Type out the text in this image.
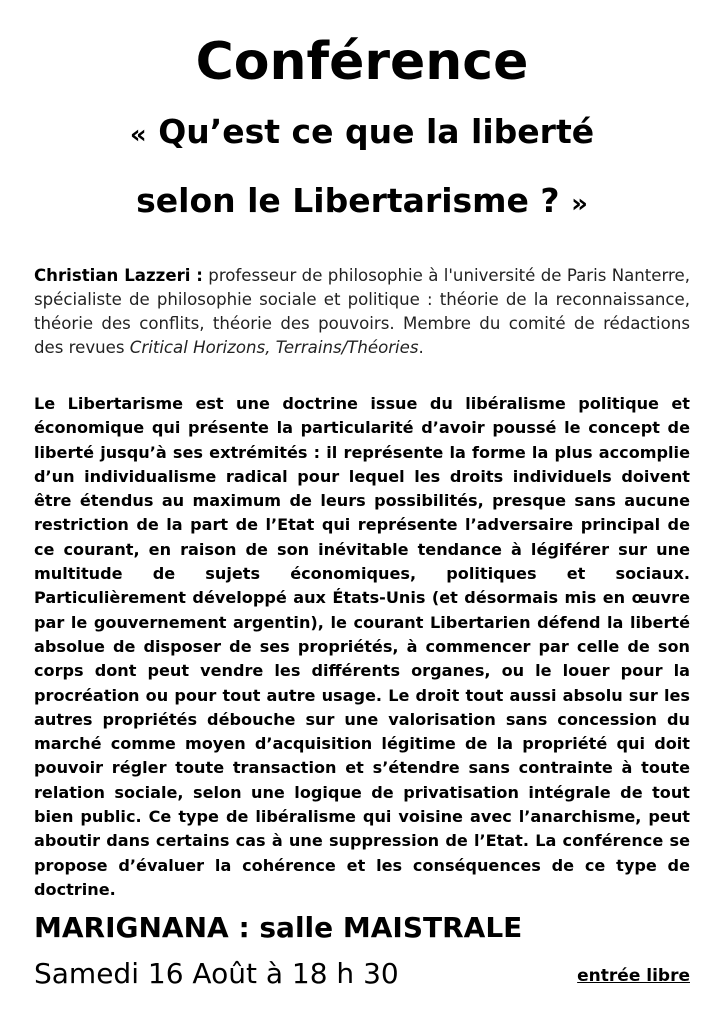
Conférence
« Qu’est ce que la liberté
selon le Libertarisme ? »

Christian Lazzeri : professeur de philosophie à l'université de Paris Nanterre, spécialiste de philosophie sociale et politique : théorie de la reconnaissance, théorie des conflits, théorie des pouvoirs. Membre du comité de rédactions des revues Critical Horizons, Terrains/Théories.

Le Libertarisme est une doctrine issue du libéralisme politique et économique qui présente la particularité d’avoir poussé le concept de liberté jusqu’à ses extrémités : il représente la forme la plus accomplie d’un individualisme radical pour lequel les droits individuels doivent être étendus au maximum de leurs possibilités, presque sans aucune restriction de la part de l’Etat qui représente l’adversaire principal de ce courant, en raison de son inévitable tendance à légiférer sur une multitude de sujets économiques, politiques et sociaux. Particulièrement développé aux États-Unis (et désormais mis en œuvre par le gouvernement argentin), le courant Libertarien défend la liberté absolue de disposer de ses propriétés, à commencer par celle de son corps dont peut vendre les différents organes, ou le louer pour la procréation ou pour tout autre usage. Le droit tout aussi absolu sur les autres propriétés débouche sur une valorisation sans concession du marché comme moyen d’acquisition légitime de la propriété qui doit pouvoir régler toute transaction et s’étendre sans contrainte à toute relation sociale, selon une logique de privatisation intégrale de tout bien public. Ce type de libéralisme qui voisine avec l’anarchisme, peut aboutir dans certains cas à une suppression de l’Etat. La conférence se propose d’évaluer la cohérence et les conséquences de ce type de doctrine.

MARIGNANA : salle MAISTRALE
Samedi 16 Août à 18 h 30	entrée libre
